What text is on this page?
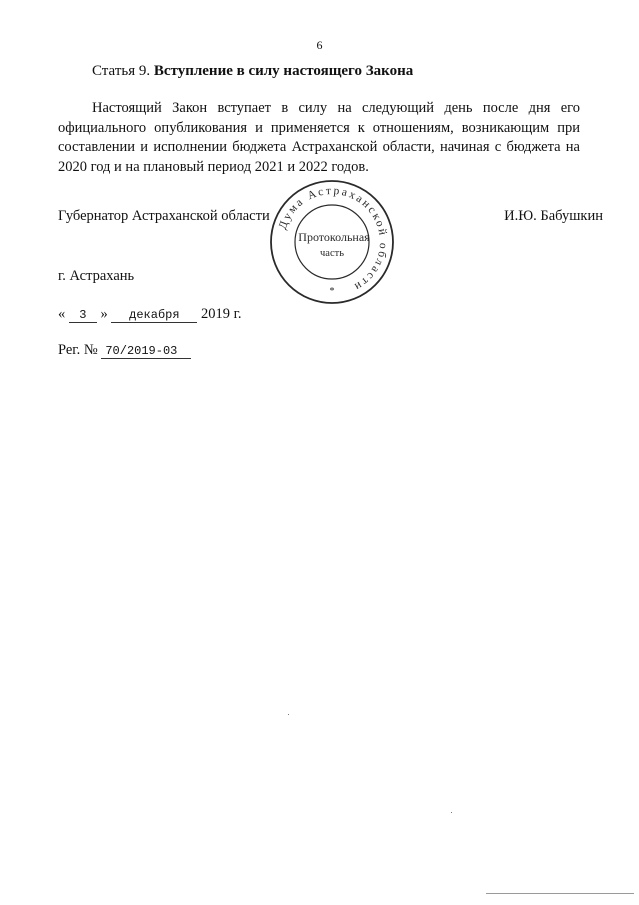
6
Статья 9. Вступление в силу настоящего Закона
Настоящий Закон вступает в силу на следующий день после дня его официального опубликования и применяется к отношениям, возникающим при составлении и исполнении бюджета Астраханской области, начиная с бюджета на 2020 год и на плановый период 2021 и 2022 годов.
Губернатор Астраханской области	И.Ю. Бабушкин
Дума Астраханской области
Протокольная
часть
*
г. Астрахань
« 3 » декабря 2019 г.
Рег. № 70/2019-03
